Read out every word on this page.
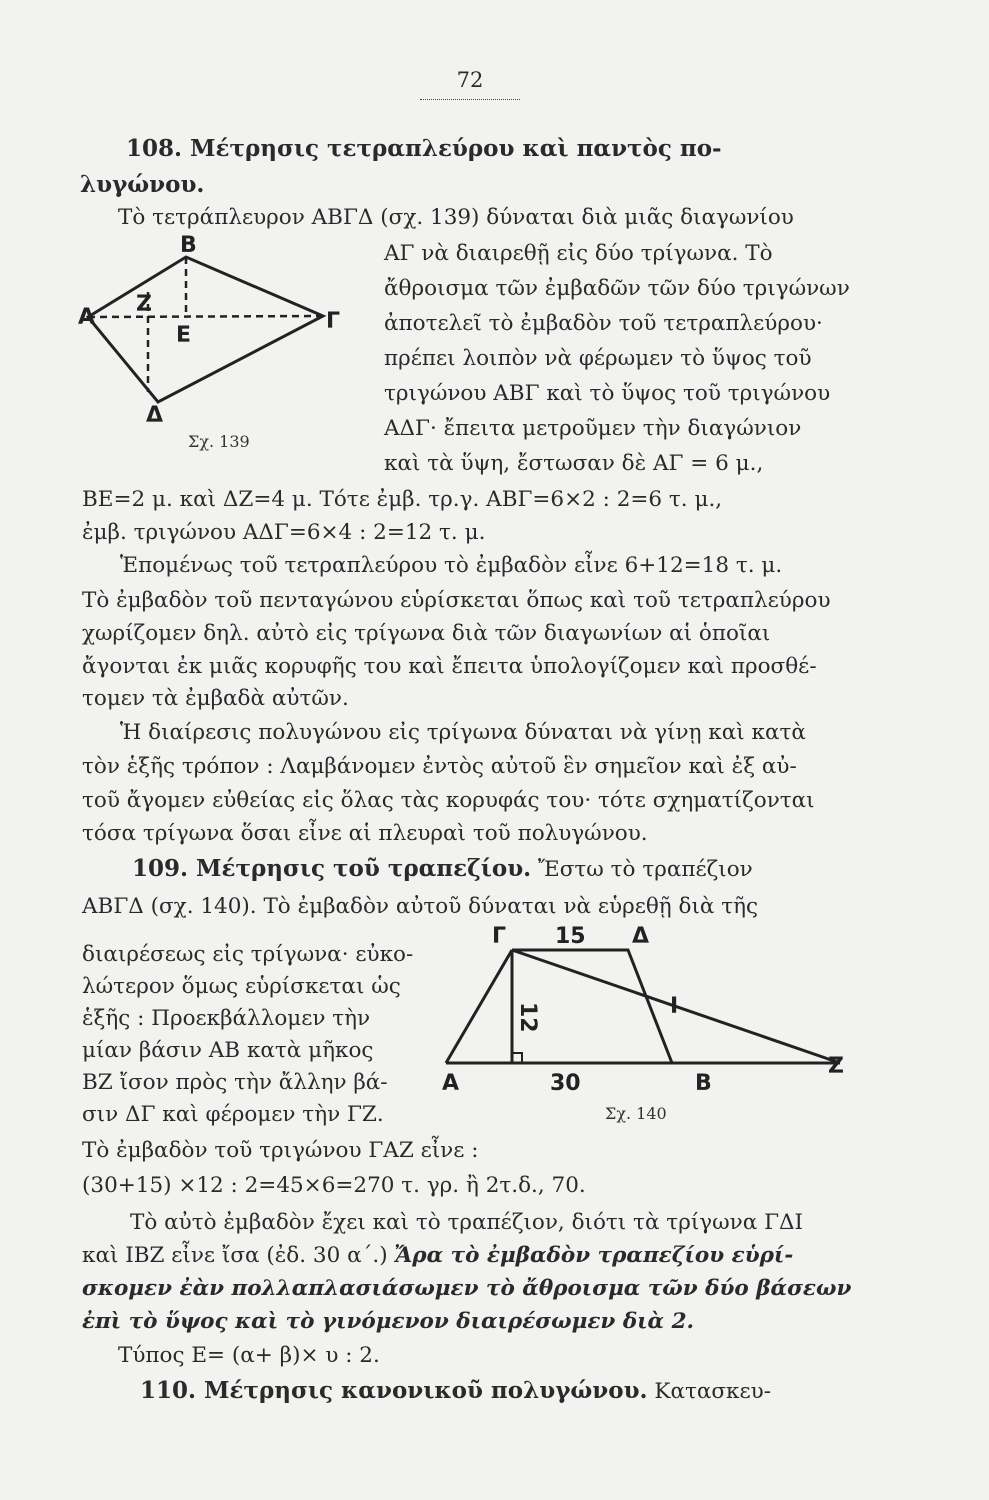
72
108. Μέτρησις τετραπλεύρου καὶ παντὸς πο-
λυγώνου.
Τὸ τετράπλευρον ΑΒΓΔ (σχ. 139) δύναται διὰ μιᾶς διαγωνίου
ΑΓ νὰ διαιρεθῇ εἰς δύο τρίγωνα. Τὸ
ἄθροισμα τῶν ἐμβαδῶν τῶν δύο τριγώνων
ἀποτελεῖ τὸ ἐμβαδὸν τοῦ τετραπλεύρου·
πρέπει λοιπὸν νὰ φέρωμεν τὸ ὕψος τοῦ
τριγώνου ΑΒΓ καὶ τὸ ὕψος τοῦ τριγώνου
ΑΔΓ· ἔπειτα μετροῦμεν τὴν διαγώνιον
καὶ τὰ ὕψη, ἔστωσαν δὲ ΑΓ = 6 μ.,
Β
Ζ
Α
Ε
Γ
Δ
Σχ. 139
ΒΕ=2 μ. καὶ ΔΖ=4 μ. Τότε ἐμβ. τρ.γ. ΑΒΓ=6×2 : 2=6 τ. μ.,
ἐμβ. τριγώνου ΑΔΓ=6×4 : 2=12 τ. μ.
Ἑπομένως τοῦ τετραπλεύρου τὸ ἐμβαδὸν εἶνε 6+12=18 τ. μ.
Τὸ ἐμβαδὸν τοῦ πενταγώνου εὑρίσκεται ὅπως καὶ τοῦ τετραπλεύρου
χωρίζομεν δηλ. αὐτὸ εἰς τρίγωνα διὰ τῶν διαγωνίων αἱ ὁποῖαι
ἄγονται ἐκ μιᾶς κορυφῆς του καὶ ἔπειτα ὑπολογίζομεν καὶ προσθέ-
τομεν τὰ ἐμβαδὰ αὐτῶν.
Ἡ διαίρεσις πολυγώνου εἰς τρίγωνα δύναται νὰ γίνῃ καὶ κατὰ
τὸν ἑξῆς τρόπον : Λαμβάνομεν ἐντὸς αὐτοῦ ἓν σημεῖον καὶ ἐξ αὐ-
τοῦ ἄγομεν εὐθείας εἰς ὅλας τὰς κορυφάς του· τότε σχηματίζονται
τόσα τρίγωνα ὅσαι εἶνε αἱ πλευραὶ τοῦ πολυγώνου.
109. Μέτρησις τοῦ τραπεζίου. Ἔστω τὸ τραπέζιον
ΑΒΓΔ (σχ. 140). Τὸ ἐμβαδὸν αὐτοῦ δύναται νὰ εὑρεθῇ διὰ τῆς
διαιρέσεως εἰς τρίγωνα· εὐκο-
λώτερον ὅμως εὑρίσκεται ὡς
ἑξῆς : Προεκβάλλομεν τὴν
μίαν βάσιν ΑΒ κατὰ μῆκος
ΒΖ ἴσον πρὸς τὴν ἄλλην βά-
σιν ΔΓ καὶ φέρομεν τὴν ΓΖ.
Γ 15 Δ
12	Ι
Α	30	Β
Ζ
Σχ. 140
Τὸ ἐμβαδὸν τοῦ τριγώνου ΓΑΖ εἶνε :
(30+15) ×12 : 2=45×6=270 τ. γρ. ἢ 2τ.δ., 70.
Τὸ αὐτὸ ἐμβαδὸν ἔχει καὶ τὸ τραπέζιον, διότι τὰ τρίγωνα ΓΔΙ
καὶ ΙΒΖ εἶνε ἴσα (ἐδ. 30 α΄.) Ἄρα τὸ ἐμβαδὸν τραπεζίου εὑρί-
σκομεν ἐὰν πολλαπλασιάσωμεν τὸ ἄθροισμα τῶν δύο βάσεων
ἐπὶ τὸ ὕψος καὶ τὸ γινόμενον διαιρέσωμεν διὰ 2.
Τύπος Ε= (α+ β)× υ : 2.
110. Μέτρησις κανονικοῦ πολυγώνου. Κατασκευ-
